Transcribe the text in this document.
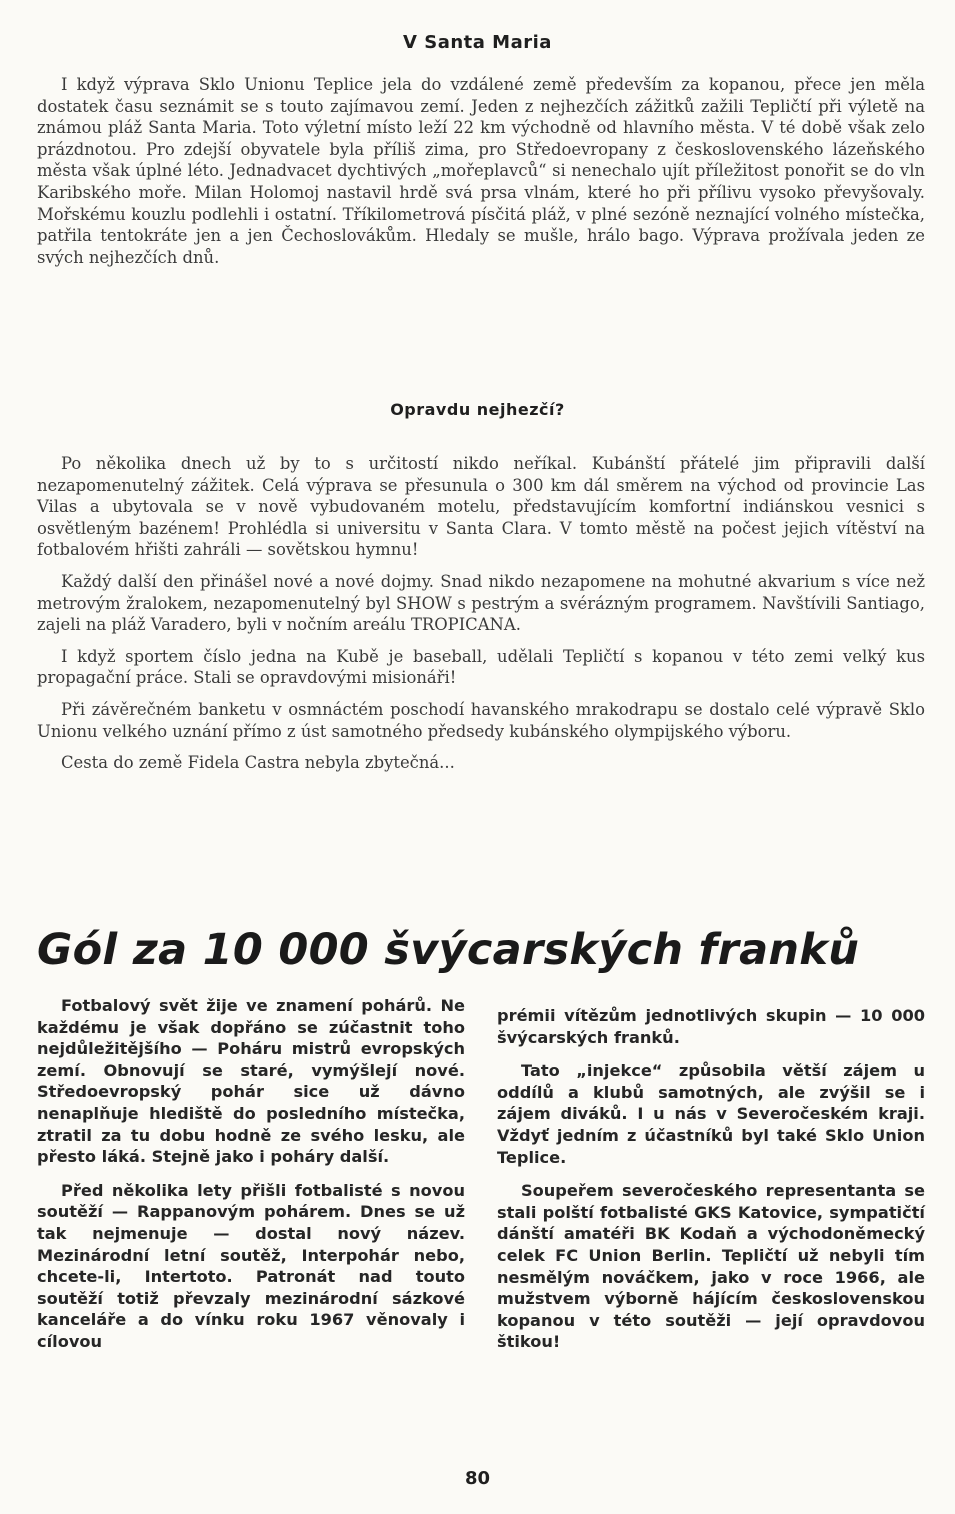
V Santa Maria
I když výprava Sklo Unionu Teplice jela do vzdálené země především za kopanou, přece jen měla dostatek času seznámit se s touto zajímavou zemí. Jeden z nejhezčích zážitků zažili Tepličtí při výletě na známou pláž Santa Maria. Toto výletní místo leží 22 km východně od hlavního města. V té době však zelo prázdnotou. Pro zdejší obyvatele byla příliš zima, pro Středoevropany z československého lázeňského města však úplné léto. Jednadvacet dychtivých „mořeplavců“ si nenechalo ujít příležitost ponořit se do vln Karibského moře. Milan Holomoj nastavil hrdě svá prsa vlnám, které ho při přílivu vysoko převyšovaly. Mořskému kouzlu podlehli i ostatní. Tříkilometrová písčitá pláž, v plné sezóně neznající volného místečka, patřila tentokráte jen a jen Čechoslovákům. Hledaly se mušle, hrálo bago. Výprava prožívala jeden ze svých nejhezčích dnů.
Opravdu nejhezčí?
Po několika dnech už by to s určitostí nikdo neříkal. Kubánští přátelé jim připravili další nezapomenutelný zážitek. Celá výprava se přesunula o 300 km dál směrem na východ od provincie Las Vilas a ubytovala se v nově vybudovaném motelu, představujícím komfortní indiánskou vesnici s osvětleným bazénem! Prohlédla si universitu v Santa Clara. V tomto městě na počest jejich vítěství na fotbalovém hřišti zahráli — sovětskou hymnu!
Každý další den přinášel nové a nové dojmy. Snad nikdo nezapomene na mohutné akvarium s více než metrovým žralokem, nezapomenutelný byl SHOW s pestrým a svérázným programem. Navštívili Santiago, zajeli na pláž Varadero, byli v nočním areálu TROPICANA.
I když sportem číslo jedna na Kubě je baseball, udělali Tepličtí s kopanou v této zemi velký kus propagační práce. Stali se opravdovými misionáři!
Při závěrečném banketu v osmnáctém poschodí havanského mrakodrapu se dostalo celé výpravě Sklo Unionu velkého uznání přímo z úst samotného předsedy kubánského olympijského výboru.
Cesta do země Fidela Castra nebyla zbytečná...
Gól za 10 000 švýcarských franků
Fotbalový svět žije ve znamení pohárů. Ne každému je však dopřáno se zúčastnit toho nejdůležitějšího — Poháru mistrů evropských zemí. Obnovují se staré, vymýšlejí nové. Středoevropský pohár sice už dávno nenaplňuje hlediště do posledního místečka, ztratil za tu dobu hodně ze svého lesku, ale přesto láká. Stejně jako i poháry další.
Před několika lety přišli fotbalisté s novou soutěží — Rappanovým pohárem. Dnes se už tak nejmenuje — dostal nový název. Mezinárodní letní soutěž, Interpohár nebo, chcete-li, Intertoto. Patronát nad touto soutěží totiž převzaly mezinárodní sázkové kanceláře a do vínku roku 1967 věnovaly i cílovou
prémii vítězům jednotlivých skupin — 10 000 švýcarských franků.
Tato „injekce“ způsobila větší zájem u oddílů a klubů samotných, ale zvýšil se i zájem diváků. I u nás v Severočeském kraji. Vždyť jedním z účastníků byl také Sklo Union Teplice.
Soupeřem severočeského representanta se stali polští fotbalisté GKS Katovice, sympatičtí dánští amatéři BK Kodaň a východoněmecký celek FC Union Berlin. Tepličtí už nebyli tím nesmělým nováčkem, jako v roce 1966, ale mužstvem výborně hájícím československou kopanou v této soutěži — její opravdovou štikou!
80
